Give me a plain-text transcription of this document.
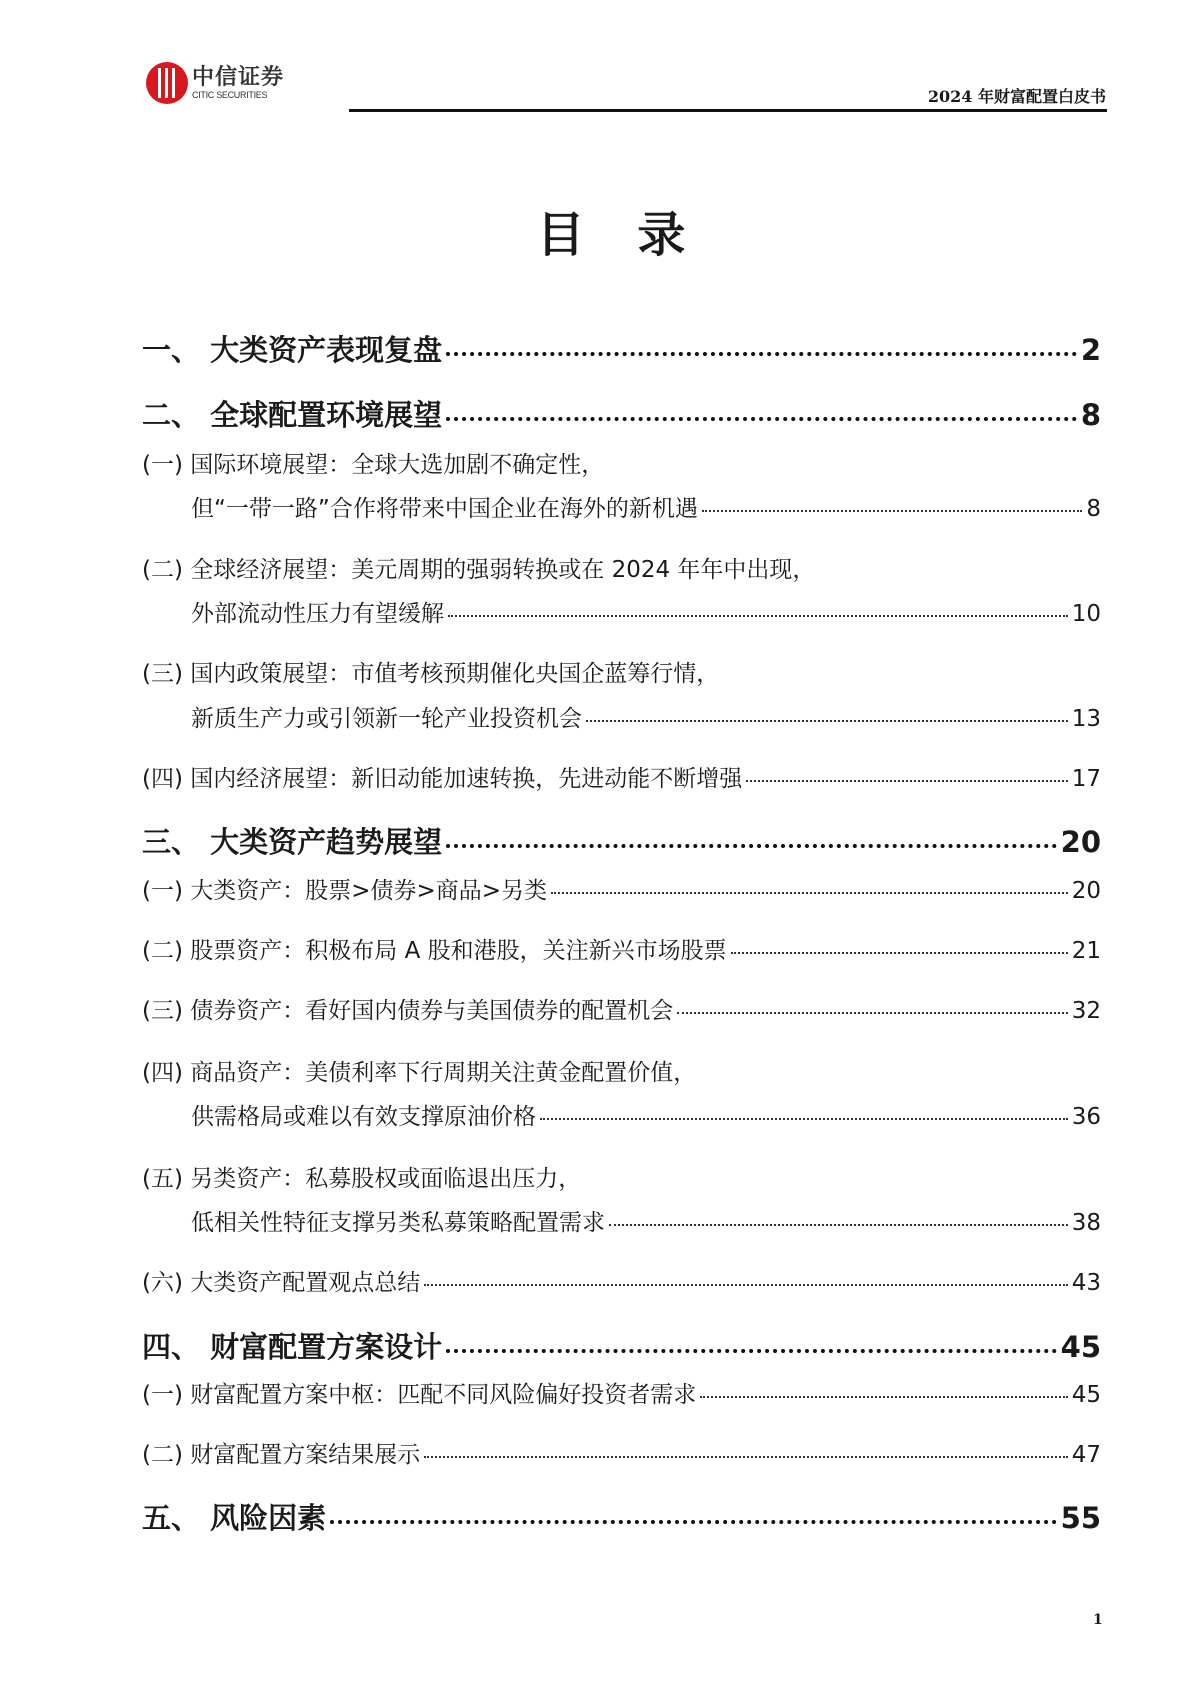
中信证券
CITIC SECURITIES	2024 年财富配置白皮书
目 录
一、 大类资产表现复盘	2
二、 全球配置环境展望	8
(一) 国际环境展望：全球大选加剧不确定性，
但“一带一路”合作将带来中国企业在海外的新机遇	8
(二) 全球经济展望：美元周期的强弱转换或在 2024 年年中出现，
外部流动性压力有望缓解	10
(三) 国内政策展望：市值考核预期催化央国企蓝筹行情，
新质生产力或引领新一轮产业投资机会	13
(四) 国内经济展望：新旧动能加速转换，先进动能不断增强	17
三、 大类资产趋势展望	20
(一) 大类资产：股票>债券>商品>另类	20
(二) 股票资产：积极布局 A 股和港股，关注新兴市场股票	21
(三) 债券资产：看好国内债券与美国债券的配置机会	32
(四) 商品资产：美债利率下行周期关注黄金配置价值，
供需格局或难以有效支撑原油价格	36
(五) 另类资产：私募股权或面临退出压力，
低相关性特征支撑另类私募策略配置需求	38
(六) 大类资产配置观点总结	43
四、 财富配置方案设计	45
(一) 财富配置方案中枢：匹配不同风险偏好投资者需求	45
(二) 财富配置方案结果展示	47
五、 风险因素	55
1
